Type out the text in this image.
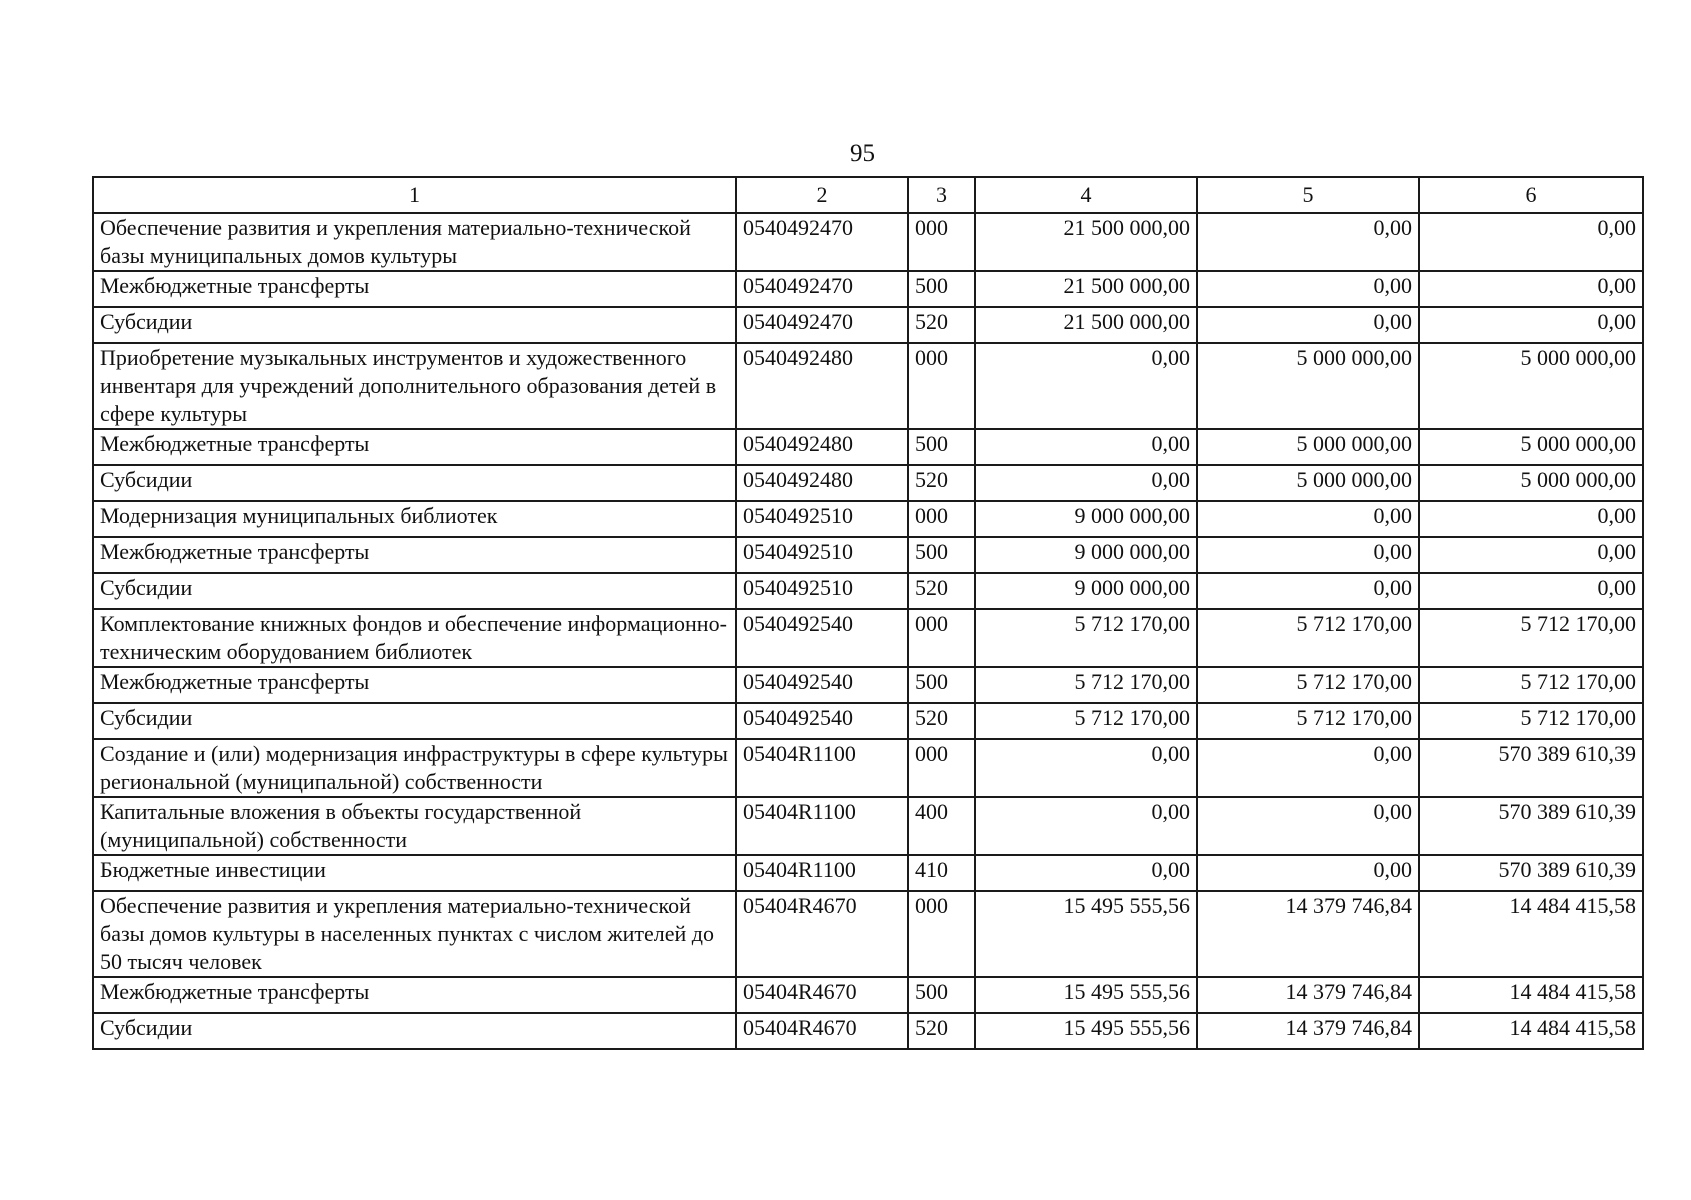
95
1	2	3	4	5	6
Обеспечение развития и укрепления материально-технической базы муниципальных домов культуры	0540492470	000	21 500 000,00	0,00	0,00
Межбюджетные трансферты	0540492470	500	21 500 000,00	0,00	0,00
Субсидии	0540492470	520	21 500 000,00	0,00	0,00
Приобретение музыкальных инструментов и художественного инвентаря для учреждений дополнительного образования детей в сфере культуры	0540492480	000	0,00	5 000 000,00	5 000 000,00
Межбюджетные трансферты	0540492480	500	0,00	5 000 000,00	5 000 000,00
Субсидии	0540492480	520	0,00	5 000 000,00	5 000 000,00
Модернизация муниципальных библиотек	0540492510	000	9 000 000,00	0,00	0,00
Межбюджетные трансферты	0540492510	500	9 000 000,00	0,00	0,00
Субсидии	0540492510	520	9 000 000,00	0,00	0,00
Комплектование книжных фондов и обеспечение информационно-техническим оборудованием библиотек	0540492540	000	5 712 170,00	5 712 170,00	5 712 170,00
Межбюджетные трансферты	0540492540	500	5 712 170,00	5 712 170,00	5 712 170,00
Субсидии	0540492540	520	5 712 170,00	5 712 170,00	5 712 170,00
Создание и (или) модернизация инфраструктуры в сфере культуры региональной (муниципальной) собственности	05404R1100	000	0,00	0,00	570 389 610,39
Капитальные вложения в объекты государственной (муниципальной) собственности	05404R1100	400	0,00	0,00	570 389 610,39
Бюджетные инвестиции	05404R1100	410	0,00	0,00	570 389 610,39
Обеспечение развития и укрепления материально-технической базы домов культуры в населенных пунктах с числом жителей до 50 тысяч человек	05404R4670	000	15 495 555,56	14 379 746,84	14 484 415,58
Межбюджетные трансферты	05404R4670	500	15 495 555,56	14 379 746,84	14 484 415,58
Субсидии	05404R4670	520	15 495 555,56	14 379 746,84	14 484 415,58
